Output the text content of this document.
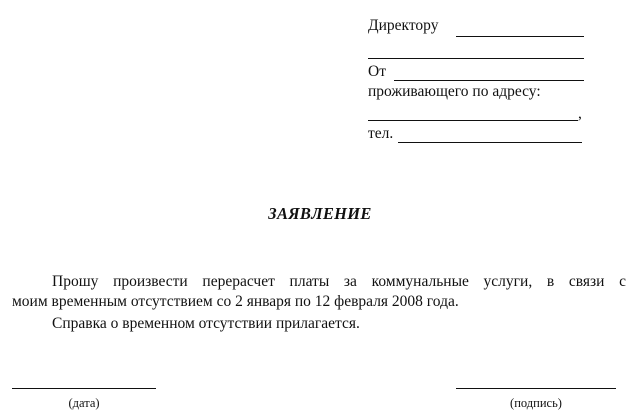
Директору
От
проживающего по адресу:
,
тел.
ЗАЯВЛЕНИЕ
Прошу произвести перерасчет платы за коммунальные услуги, в связи с
моим временным отсутствием со 2 января по 12 февраля 2008 года.
Справка о временном отсутствии прилагается.
(дата)	(подпись)
